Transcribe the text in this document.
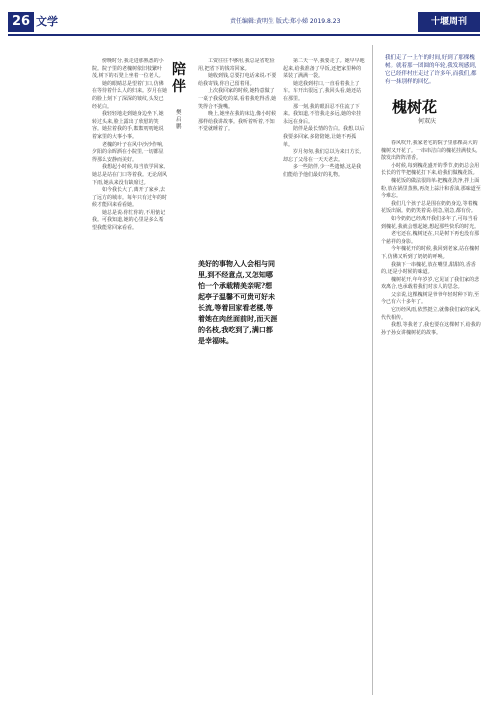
26 文学	责任编辑:黄明生 版式:郑小娣 2019.8.23	十堰周刊
陪伴
樊启鹏

傍晚时分,我走进那熟悉的小院。院子里的老槐树依旧枝繁叶茂,树下的石凳上坐着一位老人。

她的眼睛总是望着门口,仿佛在等待着什么人的归来。岁月在她的脸上刻下了深深的皱纹,头发已经花白。

我轻轻地走到她身边坐下,她转过头来,脸上露出了欣慰的笑容。她拉着我的手,絮絮叨叨地说着家里的大事小事。

老槐的叶子在风中沙沙作响,夕阳的余晖洒在小院里,一切都显得那么安静而美好。

我想起小时候,每当放学回家,她总是站在门口等着我。无论刮风下雨,她从来没有缺席过。

如今我长大了,离开了家乡,去了远方的城市。每年只有过年的时候才能回来看看她。

她总是说:你忙你的,不用惦记我。可我知道,她的心里是多么希望我能常回家看看。

工资往往不够用,我总是省吃俭用,把省下的钱寄回家。

她收到钱,总要打电话来说:不要给我寄钱,你自己留着用。

上次我回家的时候,她特意做了一桌子我爱吃的菜,看着我吃得香,她笑得合不拢嘴。

晚上,她坐在我的床边,像小时候那样给我讲故事。我听着听着,不知不觉就睡着了。

美好的事物入人会相与同里,到不经意点,又怎知哪怕一个承载精美亲呢?想起亭子温馨不可贵可好未长流,等着回家看老楼,等着她在肉丝面前时,而天涯的名枝,我吃到了,满口都是幸福味。

第二天一早,我要走了。她早早地起来,给我准备了早饭,还把家里种的菜装了满满一袋。

她送我到村口,一直看着我上了车。车开出很远了,我回头看,她还站在那里。

那一刻,我的眼泪忍不住流了下来。我知道,不管我走多远,她的牵挂永远在身后。

陪伴是最长情的告白。我想,以后我要多回家,多陪陪她,让她不再孤单。

岁月匆匆,我们总以为来日方长,却忘了父母在一天天老去。

多一些陪伴,少一些遗憾,这是我们能给予他们最好的礼物。

我们走了一上午的时间,好到了那棵槐树。就着那一团圆的年轮,我发现感到,它已经伴村庄走过了许多年,而我们,都有一抹别样的回忆。
槐树花
何双庆

春风吹开,我家老宅的院子里那棵高大的槐树又开花了。一串串洁白的槐花挂满枝头,散发出阵阵清香。

小时候,每到槐花盛开的季节,奶奶总会用长长的竹竿把槐花打下来,给我们做槐花饭。

槐花饭的做法很简单:把槐花洗净,拌上面粉,放在锅里蒸熟,再浇上蒜汁和香油,那味道至今难忘。

我们几个孩子总是围在奶奶身边,等着槐花饭出锅。奶奶笑着说:别急,别急,都有份。

如今奶奶已经离开我们多年了,可每当看到槐花,我就会想起她,想起那些快乐的时光。

老宅还在,槐树还在,只是树下再也没有那个慈祥的身影。

今年槐花开的时候,我回到老家,站在槐树下,仿佛又听到了奶奶的呼唤。

我摘下一串槐花,放在嘴里,甜甜的,香香的,还是小时候的味道。

槐树花开,年年岁岁,它见证了我们家的悲欢离合,也承载着我们对亲人的思念。

父亲说,这棵槐树是爷爷年轻时种下的,至今已有六十多年了。

它历经风雨,依然挺立,就像我们家的家风,代代相传。

我想,等我老了,我也要在这棵树下,给我的孙子孙女讲槐树花的故事。
